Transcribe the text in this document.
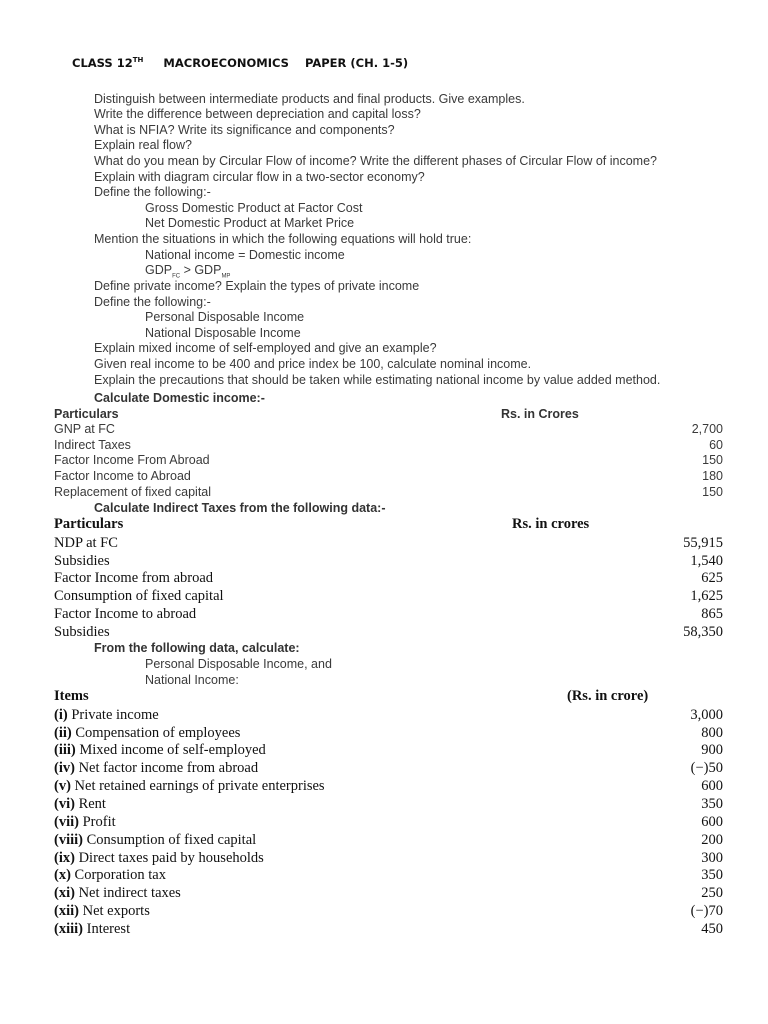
CLASS 12TH MACROECONOMICS PAPER (CH. 1-5)
Distinguish between intermediate products and final products. Give examples.
Write the difference between depreciation and capital loss?
What is NFIA? Write its significance and components?
Explain real flow?
What do you mean by Circular Flow of income? Write the different phases of Circular Flow of income?
Explain with diagram circular flow in a two-sector economy?
Define the following:-
Gross Domestic Product at Factor Cost
Net Domestic Product at Market Price
Mention the situations in which the following equations will hold true:
National income = Domestic income
$GDP_{FC} > GDP_{MP}$
Define private income? Explain the types of private income
Define the following:-
Personal Disposable Income
National Disposable Income
Explain mixed income of self-employed and give an example?
Given real income to be 400 and price index be 100, calculate nominal income.
Explain the precautions that should be taken while estimating national income by value added method.
Calculate Domestic income:-
Particulars	Rs. in Crores
GNP at FC	2,700
Indirect Taxes	60
Factor Income From Abroad	150
Factor Income to Abroad	180
Replacement of fixed capital	150
Calculate Indirect Taxes from the following data:-
Particulars	Rs. in crores
NDP at FC	55,915
Subsidies	1,540
Factor Income from abroad	625
Consumption of fixed capital	1,625
Factor Income to abroad	865
Subsidies	58,350
From the following data, calculate:
Personal Disposable Income, and
National Income:
Items	(Rs. in crore)
(i) Private income	3,000
(ii) Compensation of employees	800
(iii) Mixed income of self-employed	900
(iv) Net factor income from abroad	(−)50
(v) Net retained earnings of private enterprises	600
(vi) Rent	350
(vii) Profit	600
(viii) Consumption of fixed capital	200
(ix) Direct taxes paid by households	300
(x) Corporation tax	350
(xi) Net indirect taxes	250
(xii) Net exports	(−)70
(xiii) Interest	450
